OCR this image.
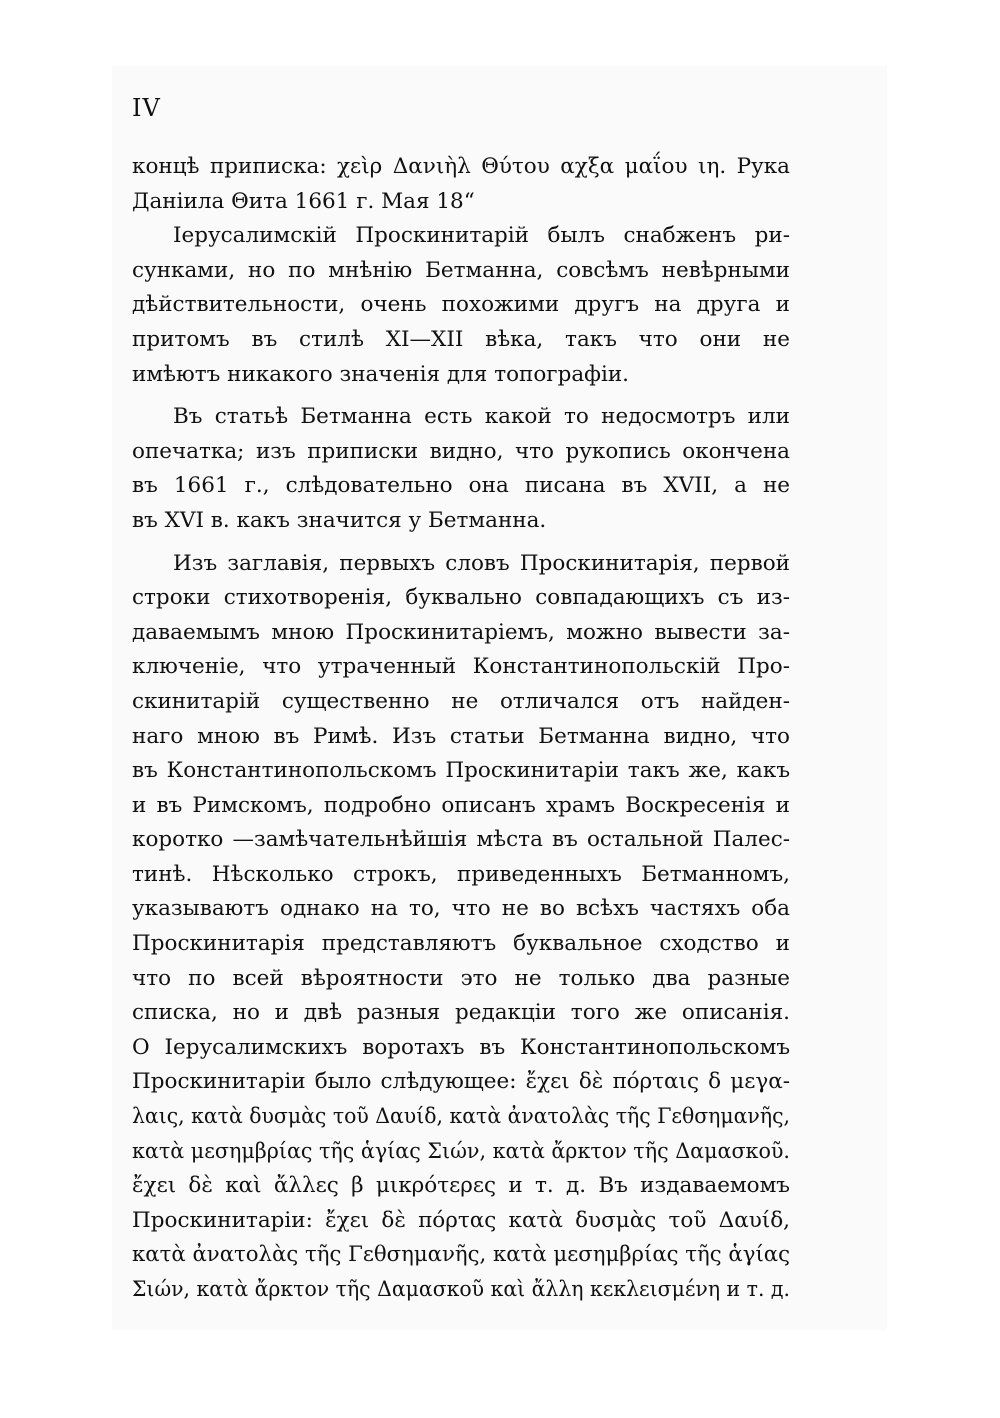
IV
концѣ приписка: χεὶρ Δανιὴλ Θύτου αχξα μαΐου ιη. Рука
Даніила Θита 1661 г. Мая 18“
Іерусалимскій Проскинитарій былъ снабженъ ри-
сунками, но по мнѣнію Бетманна, совсѣмъ невѣрными
дѣйствительности, очень похожими другъ на друга и
притомъ въ стилѣ XI—XII вѣка, такъ что они не
имѣютъ никакого значенія для топографіи.
Въ статьѣ Бетманна есть какой то недосмотръ или
опечатка; изъ приписки видно, что рукопись окончена
въ 1661 г., слѣдовательно она писана въ XVII, а не
въ XVI в. какъ значится у Бетманна.
Изъ заглавія, первыхъ словъ Проскинитарія, первой
строки стихотворенія, буквально совпадающихъ съ из-
даваемымъ мною Проскинитаріемъ, можно вывести за-
ключеніе, что утраченный Константинопольскій Про-
скинитарій существенно не отличался отъ найден-
наго мною въ Римѣ. Изъ статьи Бетманна видно, что
въ Константинопольскомъ Проскинитаріи такъ же, какъ
и въ Римскомъ, подробно описанъ храмъ Воскресенія и
коротко —замѣчательнѣйшія мѣста въ остальной Палес-
тинѣ. Нѣсколько строкъ, приведенныхъ Бетманномъ,
указываютъ однако на то, что не во всѣхъ частяхъ оба
Проскинитарія представляютъ буквальное сходство и
что по всей вѣроятности это не только два разные
списка, но и двѣ разныя редакціи того же описанія.
О Іерусалимскихъ воротахъ въ Константинопольскомъ
Проскинитаріи было слѣдующее: ἔχει δὲ πόρταις δ μεγα-
λαις, κατὰ δυσμὰς τοῦ Δαυίδ, κατὰ ἀνατολὰς τῆς Γεθσημανῆς,
κατὰ μεσημβρίας τῆς ἁγίας Σιών, κατὰ ἄρκτον τῆς Δαμασκοῦ.
ἔχει δὲ καὶ ἄλλες β μικρότερες и т. д. Въ издаваемомъ
Проскинитаріи: ἔχει δὲ πόρτας κατὰ δυσμὰς τοῦ Δαυίδ,
κατὰ ἀνατολὰς τῆς Γεθσημανῆς, κατὰ μεσημβρίας τῆς ἁγίας
Σιών, κατὰ ἄρκτον τῆς Δαμασκοῦ καὶ ἄλλη κεκλεισμένη и т. д.
